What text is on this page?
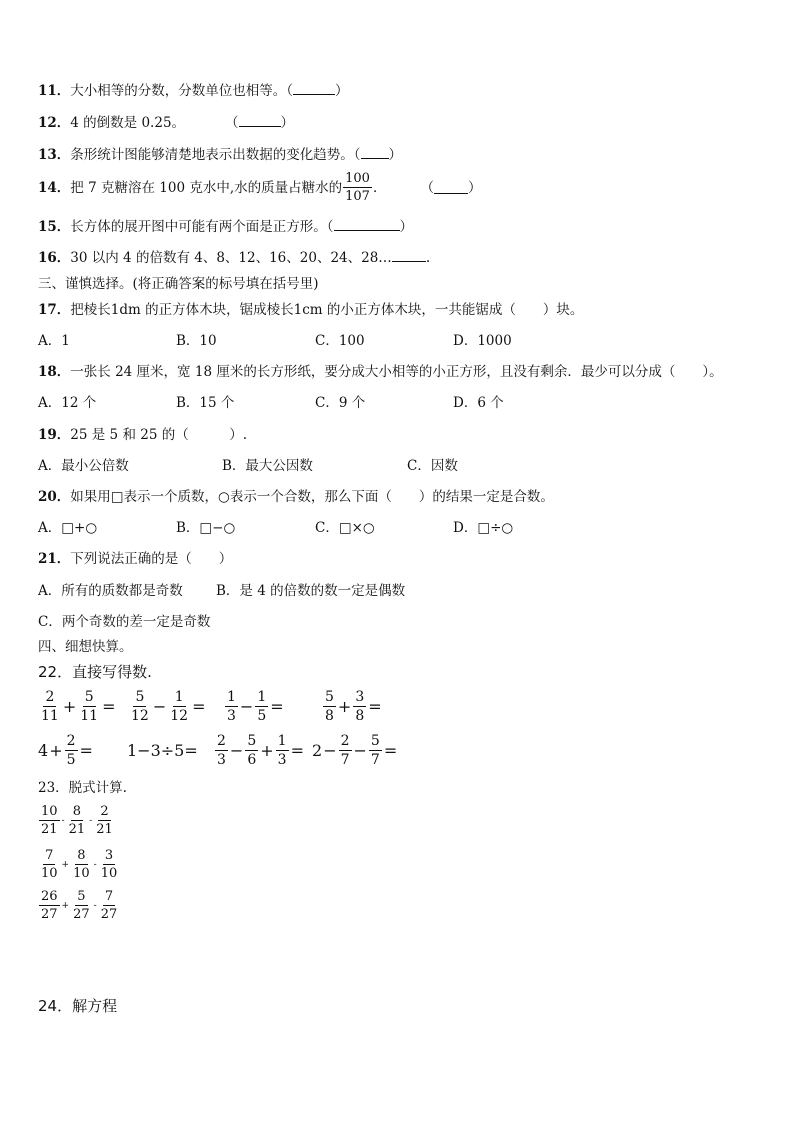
11．大小相等的分数，分数单位也相等。（	）
12．4 的倒数是 0.25。	（	）
13．条形统计图能够清楚地表示出数据的变化趋势。（ ）
14． 把 7 克糖溶在 100 克水中,水的质量占糖水的 $\frac{100}{107}$ ．	（	）
15．长方体的展开图中可能有两个面是正方形。（	）
16．30 以内 4 的倍数有 4、8、12、16、20、24、28…	.
三、谨慎选择。(将正确答案的标号填在括号里)
17．把棱长1dm 的正方体木块，锯成棱长1cm 的小正方体木块，一共能锯成（　　）块。
A．1	B．10	C．100	D．1000
18．一张长 24 厘米，宽 18 厘米的长方形纸，要分成大小相等的小正方形，且没有剩余．最少可以分成（　　）。
A．12 个	B．15 个	C．9 个	D．6 个
19．25 是 5 和 25 的（　　　）.
A．最小公倍数	B．最大公因数	C．因数
20．如果用□表示一个质数，○表示一个合数，那么下面（　　）的结果一定是合数。
A．□+○	B．□−○	C．□×○	D．□÷○
21．下列说法正确的是（　　）
A．所有的质数都是奇数 B．是 4 的倍数的数一定是偶数
C．两个奇数的差一定是奇数
四、细想快算。
22．直接写得数.
$\frac{2}{11} + \frac{5}{11} = \frac{5}{12} - \frac{1}{12} = \frac{1}{3} - \frac{1}{5}$ =	$\frac{5}{8} + \frac{3}{8}$ =
$4 + \frac{2}{5} = 1-3\div 5= \frac{2}{3} - \frac{5}{6} + \frac{1}{3} = 2 - \frac{2}{7} - \frac{5}{7}$ =
23．脱式计算.
$\frac{10}{21} - \frac{8}{21} - \frac{2}{21}$
$\frac{7}{10} + \frac{8}{10} - \frac{3}{10}$
$\frac{26}{27} + \frac{5}{27} - \frac{7}{27}$
24．解方程
